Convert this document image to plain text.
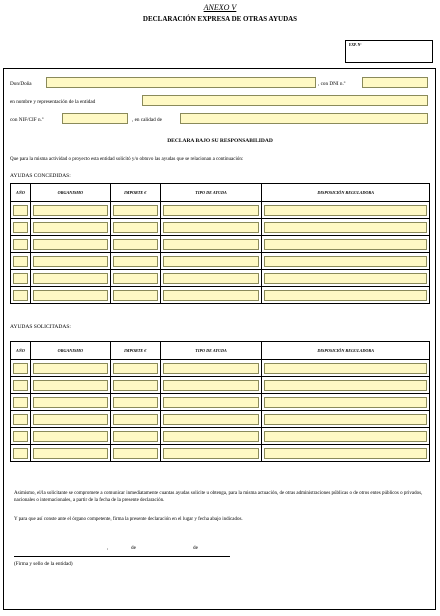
ANEXO V
DECLARACIÓN EXPRESA DE OTRAS AYUDAS
EXP. Nº
Don/Doña	, con DNI n.º
en nombre y representación de la entidad
con NIF/CIF n.º	, en calidad de
DECLARA BAJO SU RESPONSABILIDAD
Que para la misma actividad o proyecto esta entidad solicitó y/o obtuvo las ayudas que se relacionan a continuación:
AYUDAS CONCEDIDAS:
AÑO	ORGANISMO	IMPORTE €	TIPO DE AYUDA	DISPOSICIÓN REGULADORA

AYUDAS SOLICITADAS:
AÑO	ORGANISMO	IMPORTE €	TIPO DE AYUDA	DISPOSICIÓN REGULADORA

Asimismo, el/la solicitante se compromete a comunicar inmediatamente cuantas ayudas solicite u obtenga, para la misma actuación, de otras administraciones públicas o de otros entes públicos o privados, nacionales o internacionales, a partir de la fecha de la presente declaración.
Y para que así conste ante el órgano competente, firma la presente declaración en el lugar y fecha abajo indicados.
,	de	de
(Firma y sello de la entidad)
